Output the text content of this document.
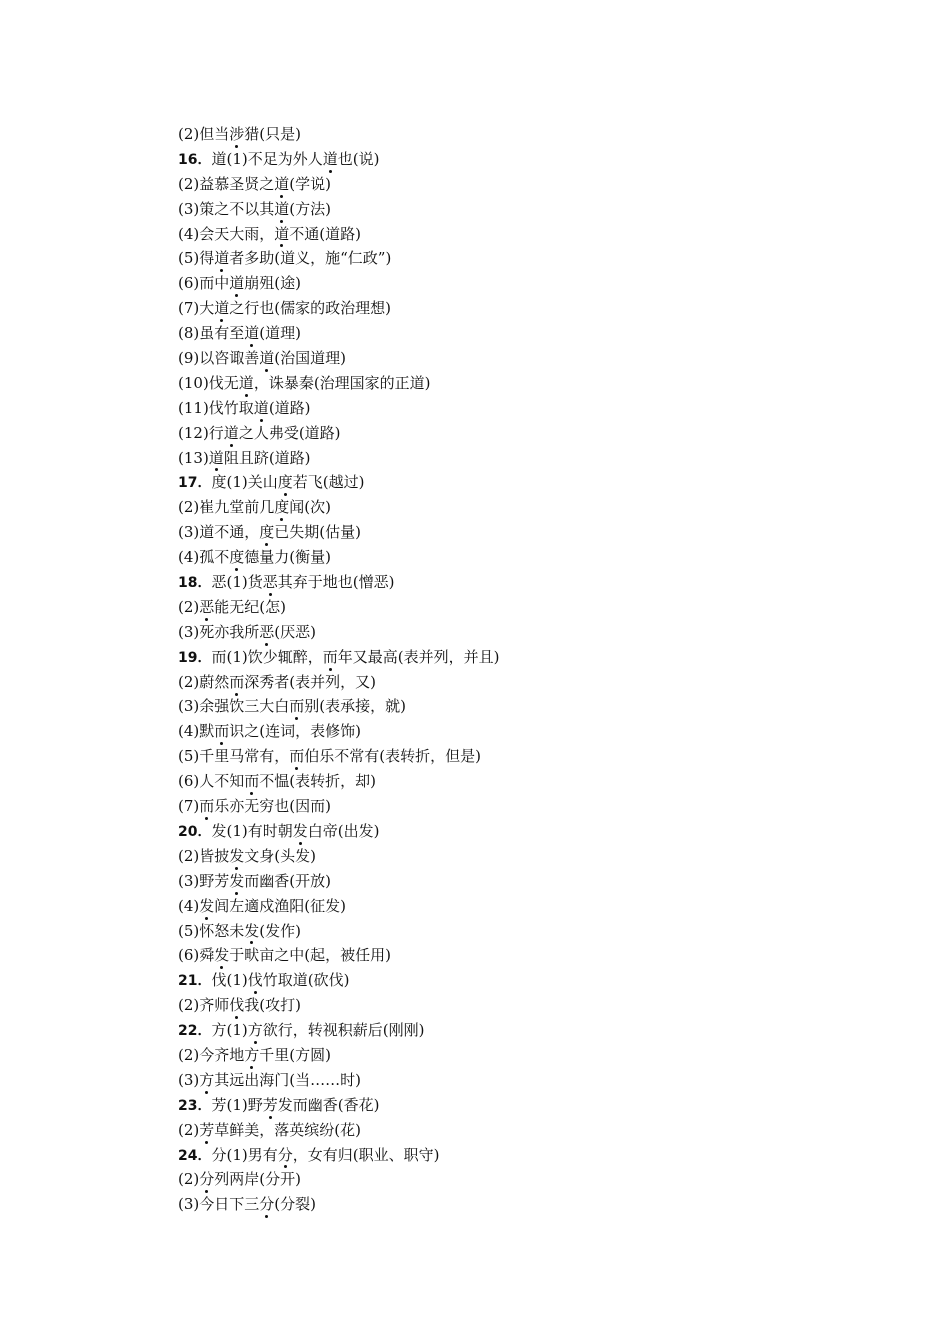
(2)但当涉猎(只是)
16．道(1)不足为外人道也(说)
(2)益慕圣贤之道(学说)
(3)策之不以其道(方法)
(4)会天大雨，道不通(道路)
(5)得道者多助(道义，施“仁政”)
(6)而中道崩殂(途)
(7)大道之行也(儒家的政治理想)
(8)虽有至道(道理)
(9)以咨诹善道(治国道理)
(10)伐无道，诛暴秦(治理国家的正道)
(11)伐竹取道(道路)
(12)行道之人弗受(道路)
(13)道阻且跻(道路)
17．度(1)关山度若飞(越过)
(2)崔九堂前几度闻(次)
(3)道不通，度已失期(估量)
(4)孤不度德量力(衡量)
18．恶(1)货恶其弃于地也(憎恶)
(2)恶能无纪(怎)
(3)死亦我所恶(厌恶)
19．而(1)饮少辄醉，而年又最高(表并列，并且)
(2)蔚然而深秀者(表并列，又)
(3)余强饮三大白而别(表承接，就)
(4)默而识之(连词，表修饰)
(5)千里马常有，而伯乐不常有(表转折，但是)
(6)人不知而不愠(表转折，却)
(7)而乐亦无穷也(因而)
20．发(1)有时朝发白帝(出发)
(2)皆披发文身(头发)
(3)野芳发而幽香(开放)
(4)发闾左適戍渔阳(征发)
(5)怀怒未发(发作)
(6)舜发于畎亩之中(起，被任用)
21．伐(1)伐竹取道(砍伐)
(2)齐师伐我(攻打)
22．方(1)方欲行，转视积薪后(刚刚)
(2)今齐地方千里(方圆)
(3)方其远出海门(当……时)
23．芳(1)野芳发而幽香(香花)
(2)芳草鲜美，落英缤纷(花)
24．分(1)男有分，女有归(职业、职守)
(2)分列两岸(分开)
(3)今日下三分(分裂)
